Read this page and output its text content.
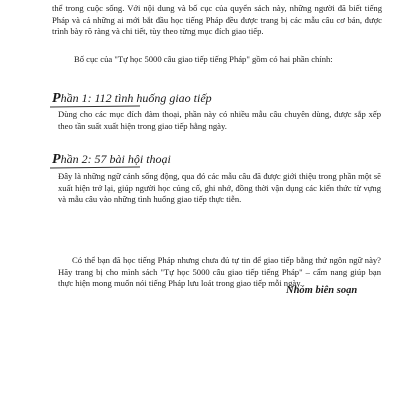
thể trong cuộc sống. Với nội dung và bố cục của quyển sách này, những người đã biết tiếng Pháp và cả những ai mới bắt đầu học tiếng Pháp đều được trang bị các mẫu câu cơ bản, được trình bày rõ ràng và chi tiết, tùy theo từng mục đích giao tiếp.

Bố cục của "Tự học 5000 câu giao tiếp tiếng Pháp" gồm có hai phần chính:

Phần 1: 112 tình huống giao tiếp

Dùng cho các mục đích đàm thoại, phần này có nhiều mẫu câu chuyên dùng, được sắp xếp theo tần suất xuất hiện trong giao tiếp hằng ngày.

Phần 2: 57 bài hội thoại

Đây là những ngữ cảnh sống động, qua đó các mẫu câu đã được giới thiệu trong phần một sẽ xuất hiện trở lại, giúp người học củng cố, ghi nhớ, đồng thời vận dụng các kiến thức từ vựng và mẫu câu vào những tình huống giao tiếp thực tiễn.

Có thể bạn đã học tiếng Pháp nhưng chưa đủ tự tin để giao tiếp bằng thứ ngôn ngữ này? Hãy trang bị cho mình sách "Tự học 5000 câu giao tiếp tiếng Pháp" – cẩm nang giúp bạn thực hiện mong muốn nói tiếng Pháp lưu loát trong giao tiếp mỗi ngày.

Nhóm biên soạn
